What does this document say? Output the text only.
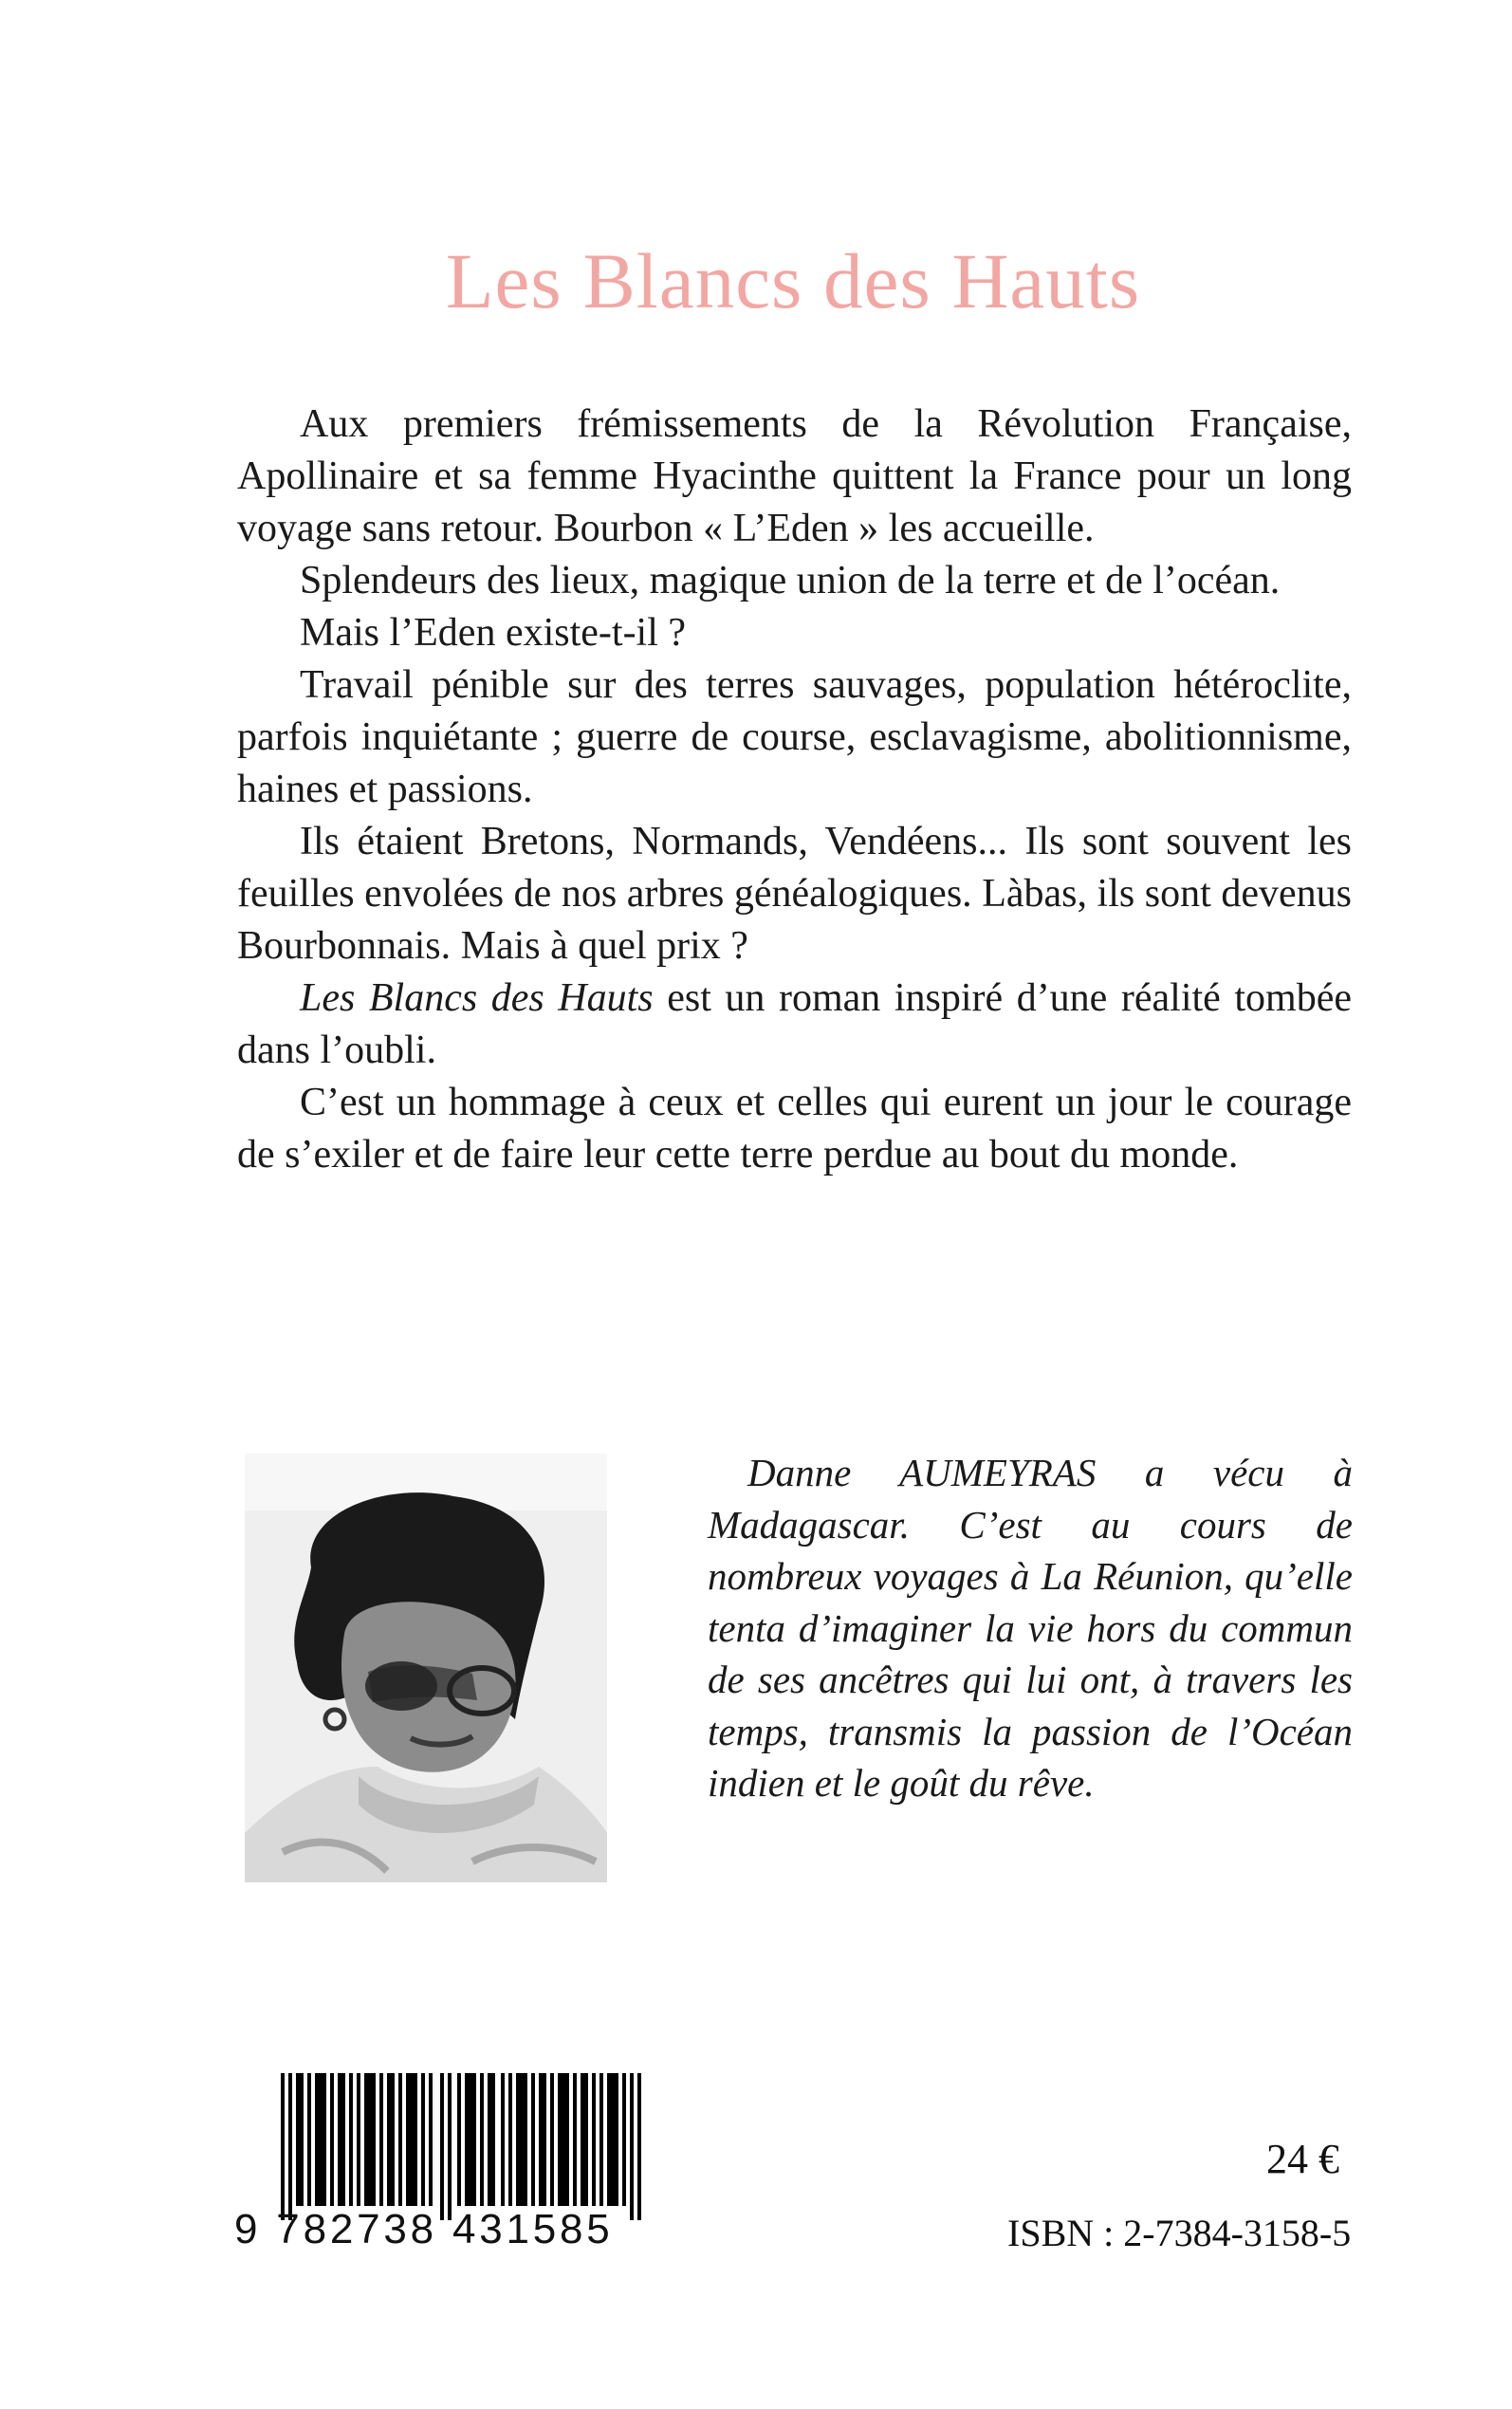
Les Blancs des Hauts

Aux premiers frémissements de la Révolution Française, Apollinaire et sa femme Hyacinthe quittent la France pour un long voyage sans retour. Bourbon « L’Eden » les accueille.

Splendeurs des lieux, magique union de la terre et de l’océan.

Mais l’Eden existe-t-il ?

Travail pénible sur des terres sauvages, population hétéroclite, parfois inquiétante ; guerre de course, esclavagisme, abolitionnisme, haines et passions.

Ils étaient Bretons, Normands, Vendéens... Ils sont souvent les feuilles envolées de nos arbres généalogiques. Làbas, ils sont devenus Bourbonnais. Mais à quel prix ?

Les Blancs des Hauts est un roman inspiré d’une réalité tombée dans l’oubli.

C’est un hommage à ceux et celles qui eurent un jour le courage de s’exiler et de faire leur cette terre perdue au bout du monde.

Danne AUMEYRAS a vécu à Madagascar. C’est au cours de nombreux voyages à La Réunion, qu’elle tenta d’imaginer la vie hors du commun de ses ancêtres qui lui ont, à travers les temps, transmis la passion de l’Océan indien et le goût du rêve.

9 782738 431585
24 €
ISBN : 2-7384-3158-5
